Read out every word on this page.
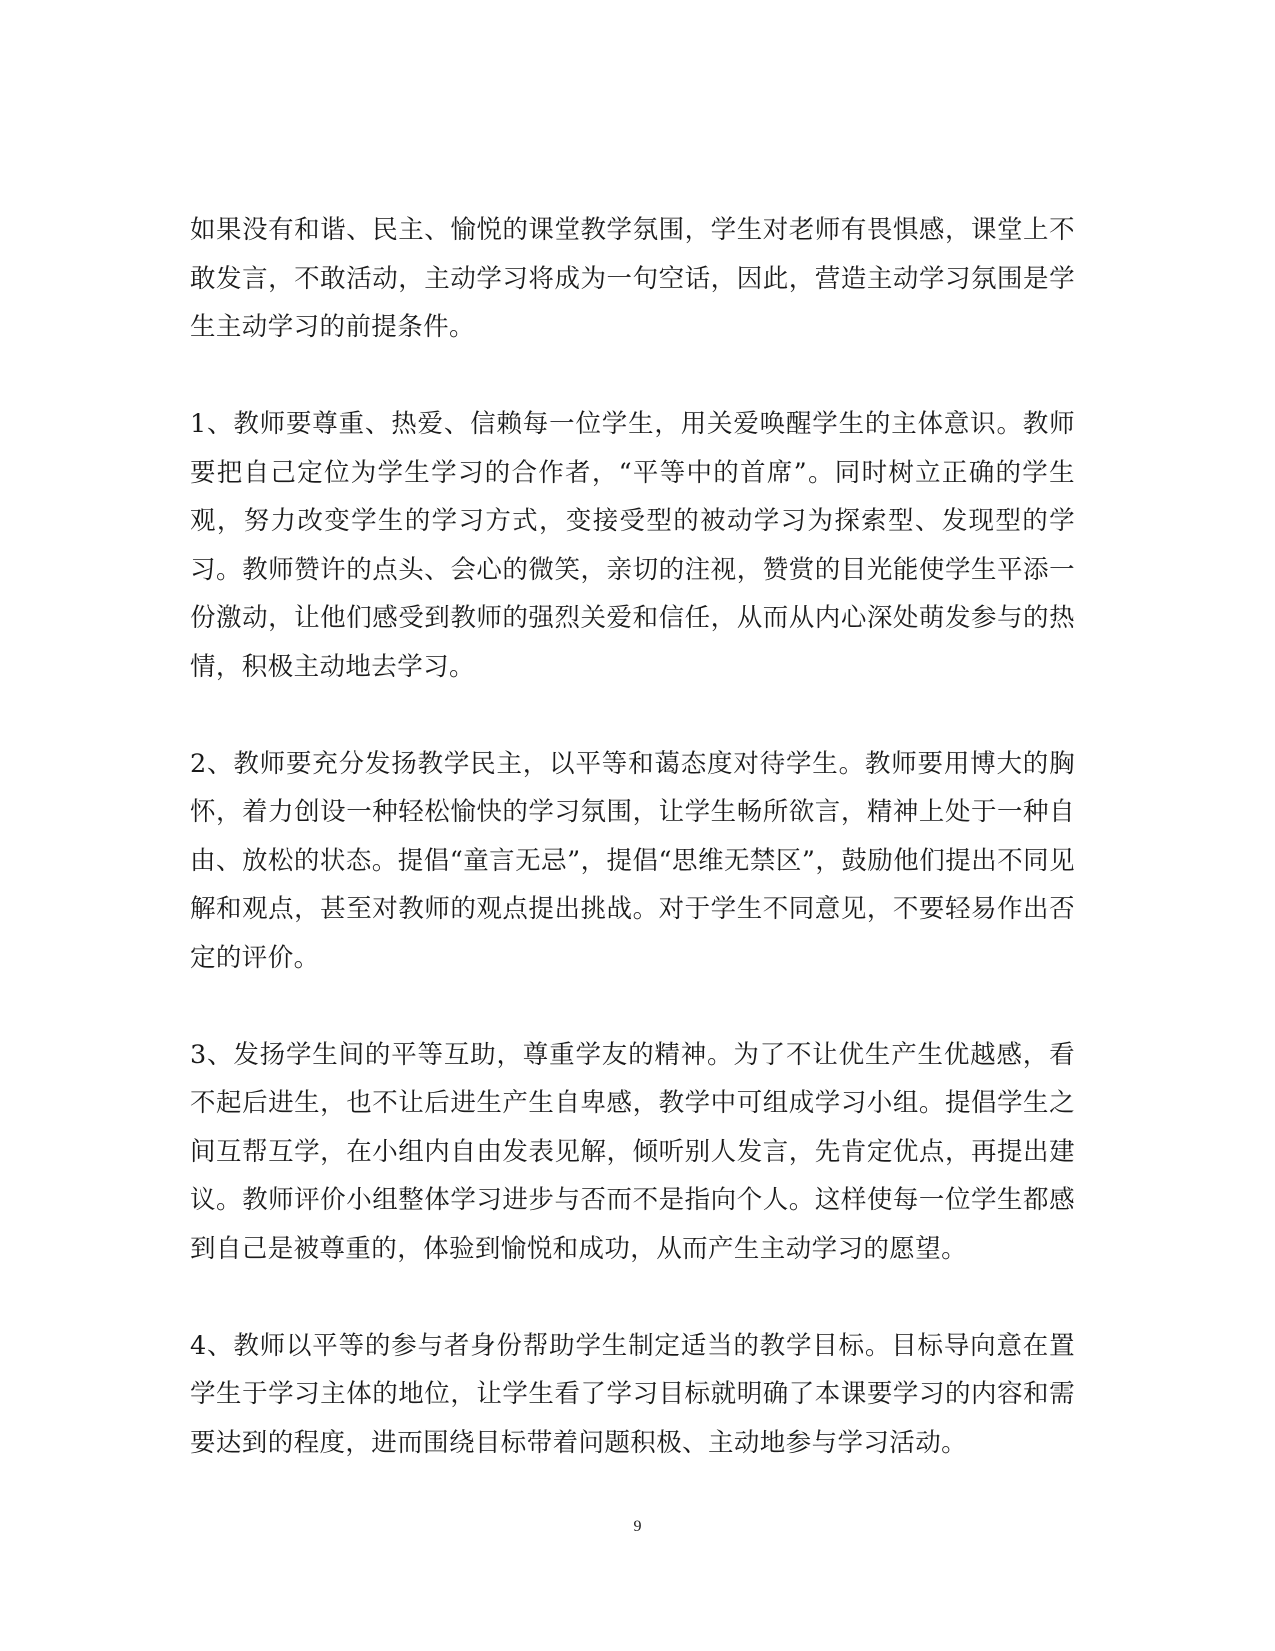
如果没有和谐、民主、愉悦的课堂教学氛围，学生对老师有畏惧感，课堂上不敢发言，不敢活动，主动学习将成为一句空话，因此，营造主动学习氛围是学生主动学习的前提条件。

1、教师要尊重、热爱、信赖每一位学生，用关爱唤醒学生的主体意识。教师要把自己定位为学生学习的合作者，“平等中的首席”。同时树立正确的学生观，努力改变学生的学习方式，变接受型的被动学习为探索型、发现型的学习。教师赞许的点头、会心的微笑，亲切的注视，赞赏的目光能使学生平添一份激动，让他们感受到教师的强烈关爱和信任，从而从内心深处萌发参与的热情，积极主动地去学习。

2、教师要充分发扬教学民主，以平等和蔼态度对待学生。教师要用博大的胸怀，着力创设一种轻松愉快的学习氛围，让学生畅所欲言，精神上处于一种自由、放松的状态。提倡“童言无忌”，提倡“思维无禁区”，鼓励他们提出不同见解和观点，甚至对教师的观点提出挑战。对于学生不同意见，不要轻易作出否定的评价。

3、发扬学生间的平等互助，尊重学友的精神。为了不让优生产生优越感，看不起后进生，也不让后进生产生自卑感，教学中可组成学习小组。提倡学生之间互帮互学，在小组内自由发表见解，倾听别人发言，先肯定优点，再提出建议。教师评价小组整体学习进步与否而不是指向个人。这样使每一位学生都感到自己是被尊重的，体验到愉悦和成功，从而产生主动学习的愿望。

4、教师以平等的参与者身份帮助学生制定适当的教学目标。目标导向意在置学生于学习主体的地位，让学生看了学习目标就明确了本课要学习的内容和需要达到的程度，进而围绕目标带着问题积极、主动地参与学习活动。

9
